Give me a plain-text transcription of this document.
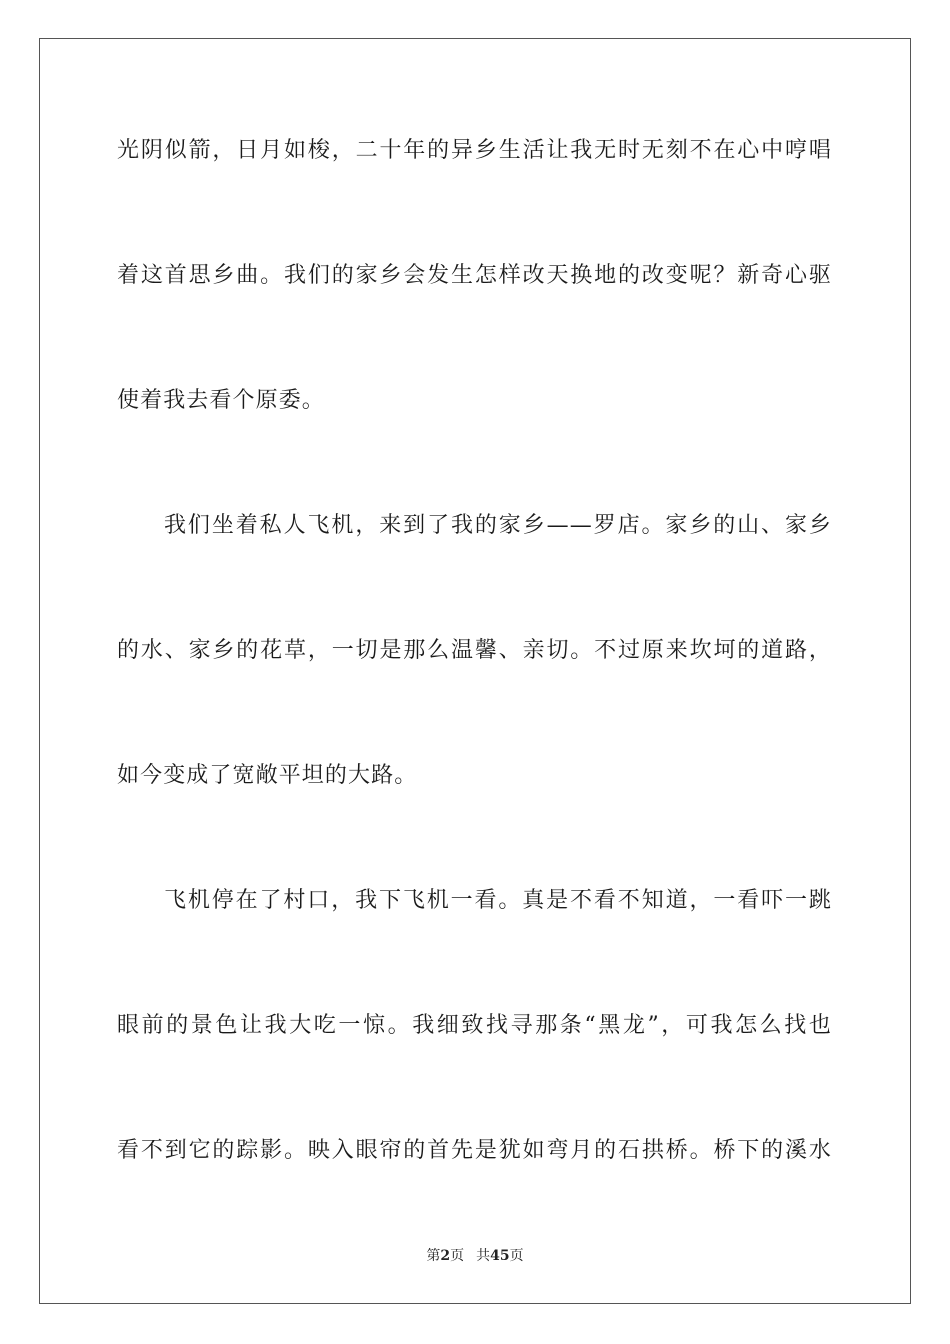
光阴似箭，日月如梭，二十年的异乡生活让我无时无刻不在心中哼唱
着这首思乡曲。我们的家乡会发生怎样改天换地的改变呢？新奇心驱
使着我去看个原委。
我们坐着私人飞机，来到了我的家乡——罗店。家乡的山、家乡
的水、家乡的花草，一切是那么温馨、亲切。不过原来坎坷的道路，
如今变成了宽敞平坦的大路。
飞机停在了村口，我下飞机一看。真是不看不知道，一看吓一跳
眼前的景色让我大吃一惊。我细致找寻那条“黑龙”，可我怎么找也
看不到它的踪影。映入眼帘的首先是犹如弯月的石拱桥。桥下的溪水
第2页 共45页
